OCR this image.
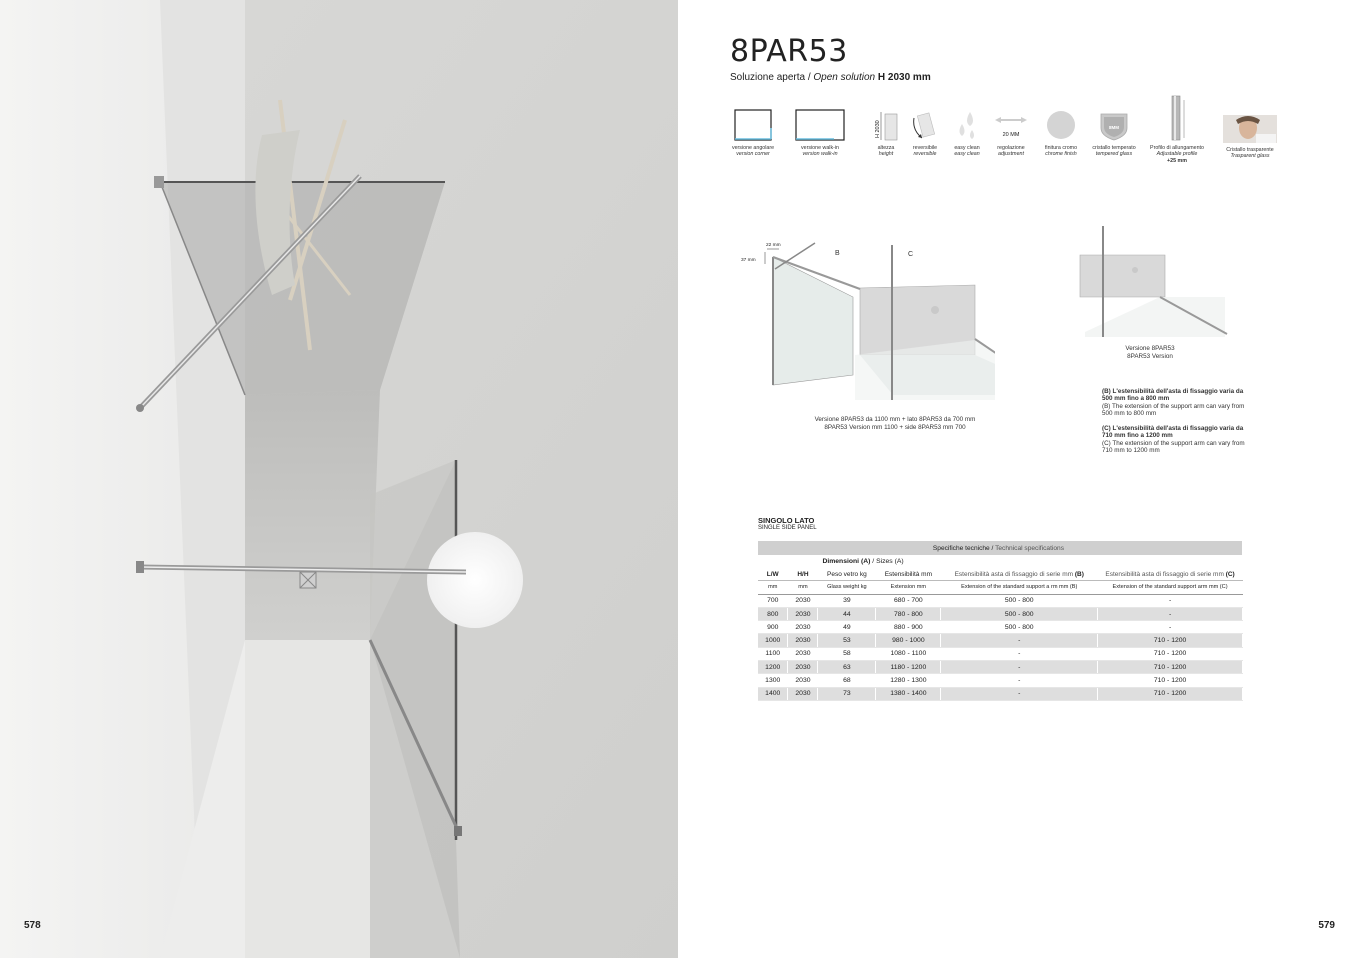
578
8PAR53
Soluzione aperta / Open solution H 2030 mm
versione angolare
version corner
versione walk-in
version walk-in
H 2030
altezza
height
reversibile
reversible
easy clean
easy clean
20 MM
regolazione
adjustment
finitura cromo
chrome finish
8MM
cristallo temperato
tempered glass
Profilo di allungamento
Adjustable profile
+25 mm
Cristallo trasparente
Trasparent glass
22 mm
37 mm
B	C
Versione 8PAR53 da 1100 mm + lato 8PAR53 da 700 mm
8PAR53 Version mm 1100 + side 8PAR53 mm 700
Versione 8PAR53
8PAR53 Version
(B) L'estensibilità dell'asta di fissaggio varia da 500 mm fino a 800 mm
(B) The extension of the support arm can vary from 500 mm to 800 mm
(C) L'estensibilità dell'asta di fissaggio varia da 710 mm fino a 1200 mm
(C) The extension of the support arm can vary from 710 mm to 1200 mm
SINGOLO LATO
SINGLE SIDE PANEL
Specifiche tecniche / Technical specifications					
		Dimensioni (A) / Sizes (A)			
L/W	H/H	Peso vetro kg	Estensibilità mm	Estensibilità asta di fissaggio di serie mm (B)	Estensibilità asta di fissaggio di serie mm (C)
mm	mm	Glass weight kg	Extension mm	Extension of the standard support a rm mm (B)	Extension of the standard support arm mm (C)
700	2030	39	680 - 700	500 - 800	-
800	2030	44	780 - 800	500 - 800	-
900	2030	49	880 - 900	500 - 800	-
1000	2030	53	980 - 1000	-	710 - 1200
1100	2030	58	1080 - 1100	-	710 - 1200
1200	2030	63	1180 - 1200	-	710 - 1200
1300	2030	68	1280 - 1300	-	710 - 1200
1400	2030	73	1380 - 1400	-	710 - 1200
579
